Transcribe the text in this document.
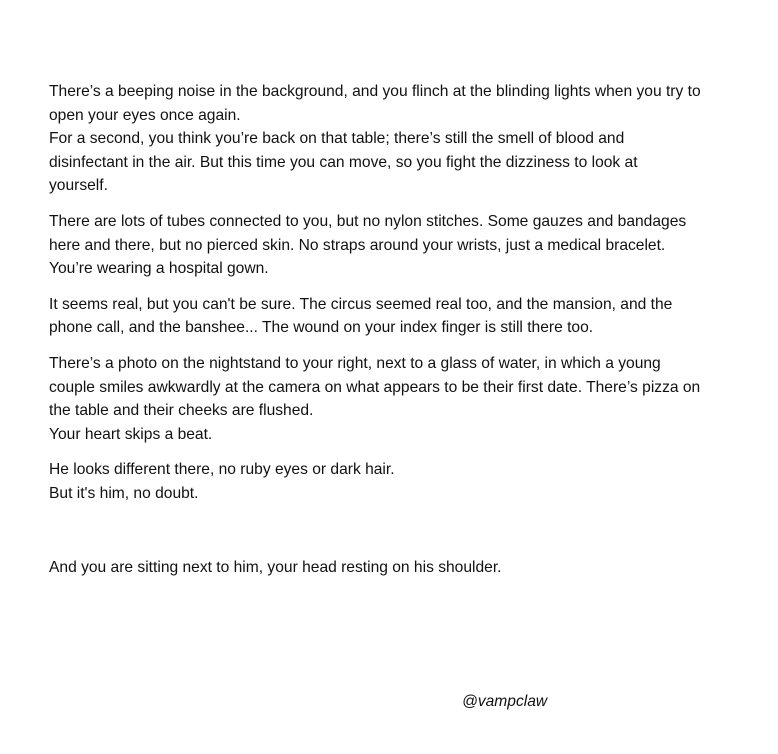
There’s a beeping noise in the background, and you flinch at the blinding lights when you try to
open your eyes once again.
For a second, you think you’re back on that table; there’s still the smell of blood and
disinfectant in the air. But this time you can move, so you fight the dizziness to look at
yourself.

There are lots of tubes connected to you, but no nylon stitches. Some gauzes and bandages
here and there, but no pierced skin. No straps around your wrists, just a medical bracelet.
You’re wearing a hospital gown.

It seems real, but you can't be sure. The circus seemed real too, and the mansion, and the
phone call, and the banshee... The wound on your index finger is still there too.

There’s a photo on the nightstand to your right, next to a glass of water, in which a young
couple smiles awkwardly at the camera on what appears to be their first date. There’s pizza on
the table and their cheeks are flushed.
Your heart skips a beat.

He looks different there, no ruby eyes or dark hair.
But it's him, no doubt.

And you are sitting next to him, your head resting on his shoulder.

@vampclaw
